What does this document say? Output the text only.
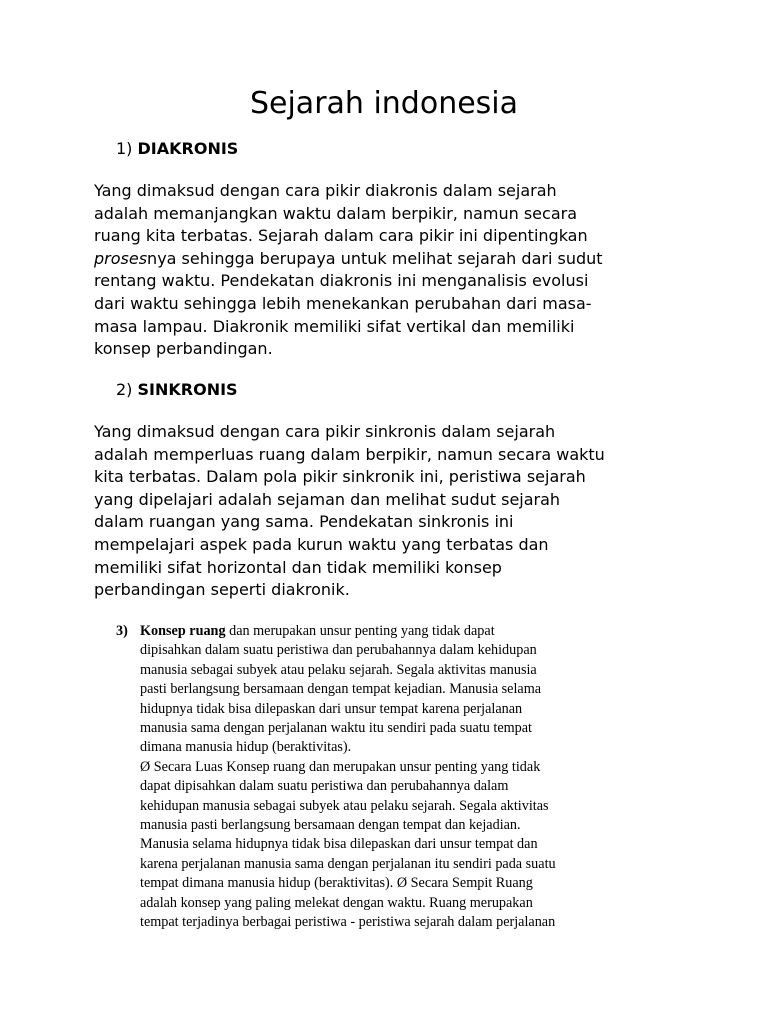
Sejarah indonesia
1) DIAKRONIS
Yang dimaksud dengan cara pikir diakronis dalam sejarah
adalah memanjangkan waktu dalam berpikir, namun secara
ruang kita terbatas. Sejarah dalam cara pikir ini dipentingkan
prosesnya sehingga berupaya untuk melihat sejarah dari sudut
rentang waktu. Pendekatan diakronis ini menganalisis evolusi
dari waktu sehingga lebih menekankan perubahan dari masa-
masa lampau. Diakronik memiliki sifat vertikal dan memiliki
konsep perbandingan.
2) SINKRONIS
Yang dimaksud dengan cara pikir sinkronis dalam sejarah
adalah memperluas ruang dalam berpikir, namun secara waktu
kita terbatas. Dalam pola pikir sinkronik ini, peristiwa sejarah
yang dipelajari adalah sejaman dan melihat sudut sejarah
dalam ruangan yang sama. Pendekatan sinkronis ini
mempelajari aspek pada kurun waktu yang terbatas dan
memiliki sifat horizontal dan tidak memiliki konsep
perbandingan seperti diakronik.
3) Konsep ruang dan merupakan unsur penting yang tidak dapat
dipisahkan dalam suatu peristiwa dan perubahannya dalam kehidupan
manusia sebagai subyek atau pelaku sejarah. Segala aktivitas manusia
pasti berlangsung bersamaan dengan tempat kejadian. Manusia selama
hidupnya tidak bisa dilepaskan dari unsur tempat karena perjalanan
manusia sama dengan perjalanan waktu itu sendiri pada suatu tempat
dimana manusia hidup (beraktivitas).
Ø Secara Luas Konsep ruang dan merupakan unsur penting yang tidak
dapat dipisahkan dalam suatu peristiwa dan perubahannya dalam
kehidupan manusia sebagai subyek atau pelaku sejarah. Segala aktivitas
manusia pasti berlangsung bersamaan dengan tempat dan kejadian.
Manusia selama hidupnya tidak bisa dilepaskan dari unsur tempat dan
karena perjalanan manusia sama dengan perjalanan itu sendiri pada suatu
tempat dimana manusia hidup (beraktivitas). Ø Secara Sempit Ruang
adalah konsep yang paling melekat dengan waktu. Ruang merupakan
tempat terjadinya berbagai peristiwa - peristiwa sejarah dalam perjalanan
